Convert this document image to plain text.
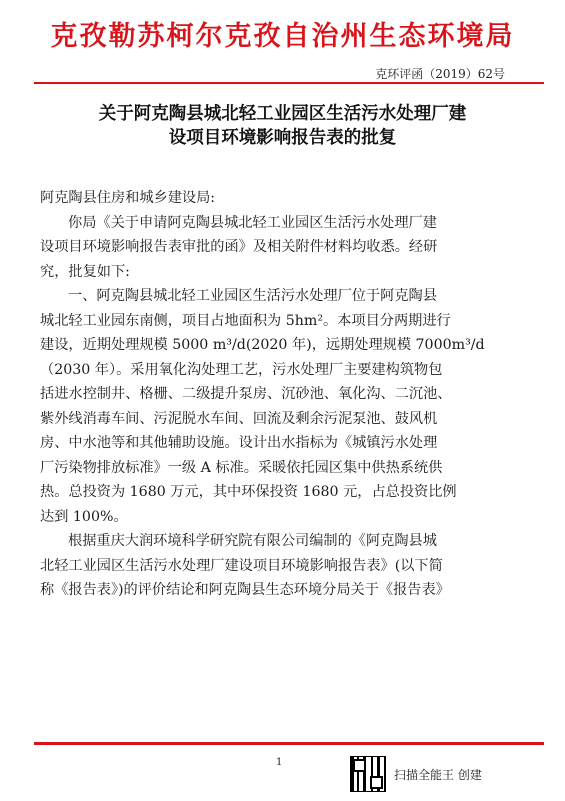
克孜勒苏柯尔克孜自治州生态环境局
克环评函（2019）62号
关于阿克陶县城北轻工业园区生活污水处理厂建
设项目环境影响报告表的批复
阿克陶县住房和城乡建设局:
你局《关于申请阿克陶县城北轻工业园区生活污水处理厂建
设项目环境影响报告表审批的函》及相关附件材料均收悉。经研
究，批复如下:
一、阿克陶县城北轻工业园区生活污水处理厂位于阿克陶县
城北轻工业园东南侧，项目占地面积为 5hm²。本项目分两期进行
建设，近期处理规模 5000 m³/d(2020 年)，远期处理规模 7000m³/d
（2030 年）。采用氧化沟处理工艺，污水处理厂主要建构筑物包
括进水控制井、格栅、二级提升泵房、沉砂池、氧化沟、二沉池、
紫外线消毒车间、污泥脱水车间、回流及剩余污泥泵池、鼓风机
房、中水池等和其他辅助设施。设计出水指标为《城镇污水处理
厂污染物排放标准》一级 A 标准。采暖依托园区集中供热系统供
热。总投资为 1680 万元，其中环保投资 1680 元，占总投资比例
达到 100%。
根据重庆大润环境科学研究院有限公司编制的《阿克陶县城
北轻工业园区生活污水处理厂建设项目环境影响报告表》(以下简
称《报告表》)的评价结论和阿克陶县生态环境分局关于《报告表》
1
扫描全能王 创建
